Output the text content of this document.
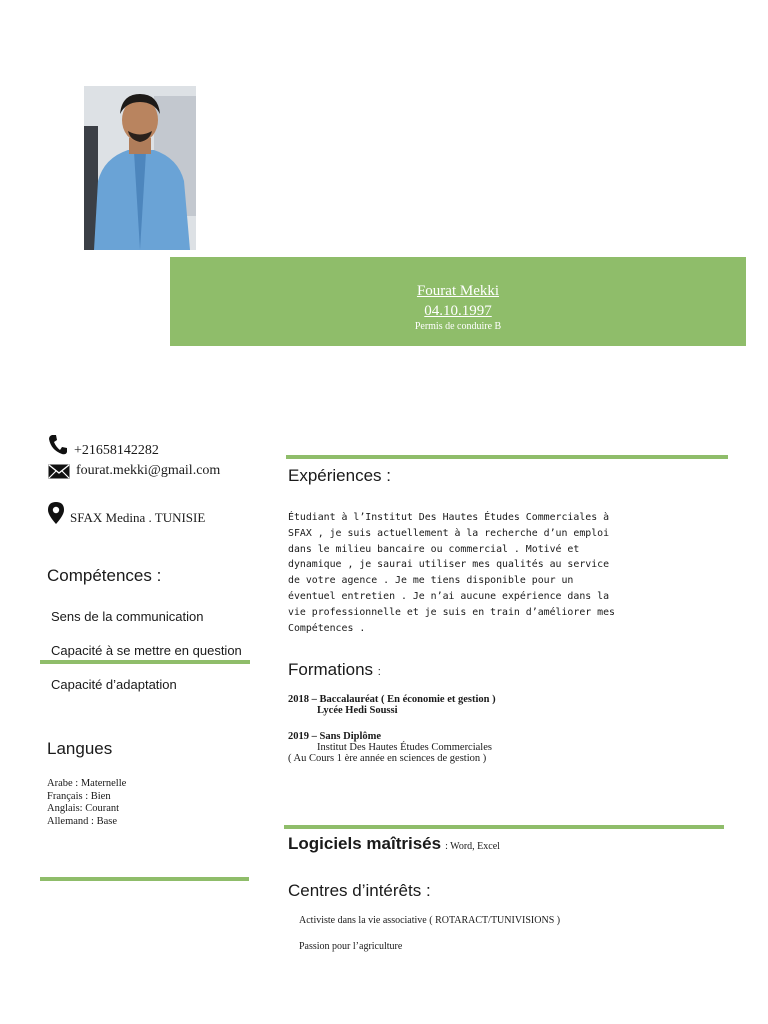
Fourat Mekki
04.10.1997
Permis de conduire B
+21658142282
fourat.mekki@gmail.com
SFAX Medina . TUNISIE
Compétences :
Sens de la communication
Capacité à se mettre en question
Capacité d’adaptation
Langues
Arabe : Maternelle
Français : Bien
Anglais: Courant
Allemand : Base
Expériences :
Étudiant à l’Institut Des Hautes Études Commerciales à
SFAX , je suis actuellement à la recherche d’un emploi
dans le milieu bancaire ou commercial . Motivé et
dynamique , je saurai utiliser mes qualités au service
de votre agence . Je me tiens disponible pour un
éventuel entretien . Je n’ai aucune expérience dans la
vie professionnelle et je suis en train d’améliorer mes
Compétences .
Formations :
2018 – Baccalauréat ( En économie et gestion )
Lycée Hedi Soussi
2019 – Sans Diplôme
Institut Des Hautes Études Commerciales
( Au Cours 1 ère année en sciences de gestion )
Logiciels maîtrisés : Word, Excel
Centres d’intérêts :
Activiste dans la vie associative ( ROTARACT/TUNIVISIONS )
Passion pour l’agriculture
